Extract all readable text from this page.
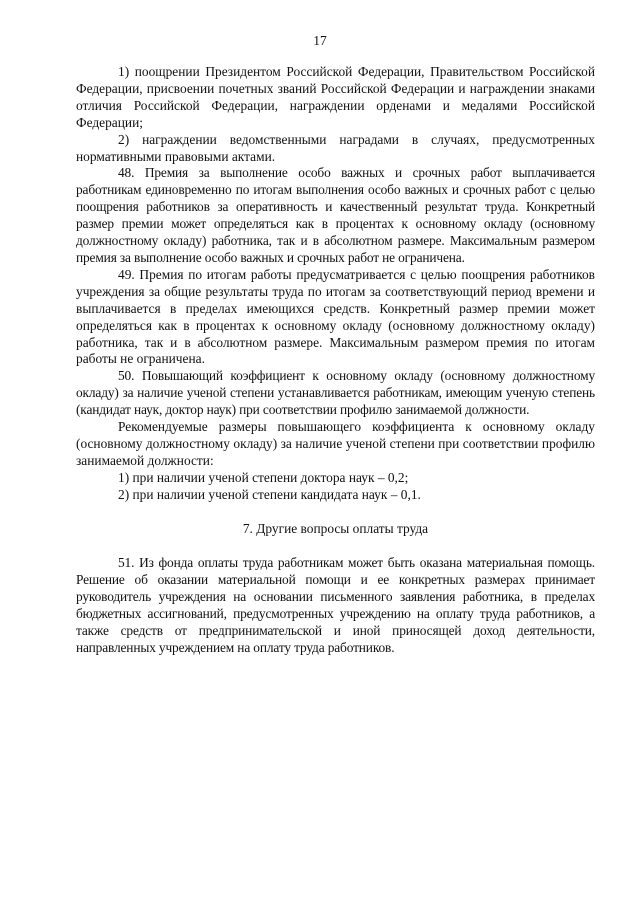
17

1) поощрении Президентом Российской Федерации, Правительством Российской Федерации, присвоении почетных званий Российской Федерации и награждении знаками отличия Российской Федерации, награждении орденами и медалями Российской Федерации;

2) награждении ведомственными наградами в случаях, предусмотренных нормативными правовыми актами.

48. Премия за выполнение особо важных и срочных работ выплачивается работникам единовременно по итогам выполнения особо важных и срочных работ с целью поощрения работников за оперативность и качественный результат труда. Конкретный размер премии может определяться как в процентах к основному окладу (основному должностному окладу) работника, так и в абсолютном размере. Максимальным размером премия за выполнение особо важных и срочных работ не ограничена.

49. Премия по итогам работы предусматривается с целью поощрения работников учреждения за общие результаты труда по итогам за соответствующий период времени и выплачивается в пределах имеющихся средств. Конкретный размер премии может определяться как в процентах к основному окладу (основному должностному окладу) работника, так и в абсолютном размере. Максимальным размером премия по итогам работы не ограничена.

50. Повышающий коэффициент к основному окладу (основному должностному окладу) за наличие ученой степени устанавливается работникам, имеющим ученую степень (кандидат наук, доктор наук) при соответствии профилю занимаемой должности.

Рекомендуемые размеры повышающего коэффициента к основному окладу (основному должностному окладу) за наличие ученой степени при соответствии профилю занимаемой должности:

1) при наличии ученой степени доктора наук – 0,2;

2) при наличии ученой степени кандидата наук – 0,1.

7. Другие вопросы оплаты труда

51. Из фонда оплаты труда работникам может быть оказана материальная помощь. Решение об оказании материальной помощи и ее конкретных размерах принимает руководитель учреждения на основании письменного заявления работника, в пределах бюджетных ассигнований, предусмотренных учреждению на оплату труда работников, а также средств от предпринимательской и иной приносящей доход деятельности, направленных учреждением на оплату труда работников.
